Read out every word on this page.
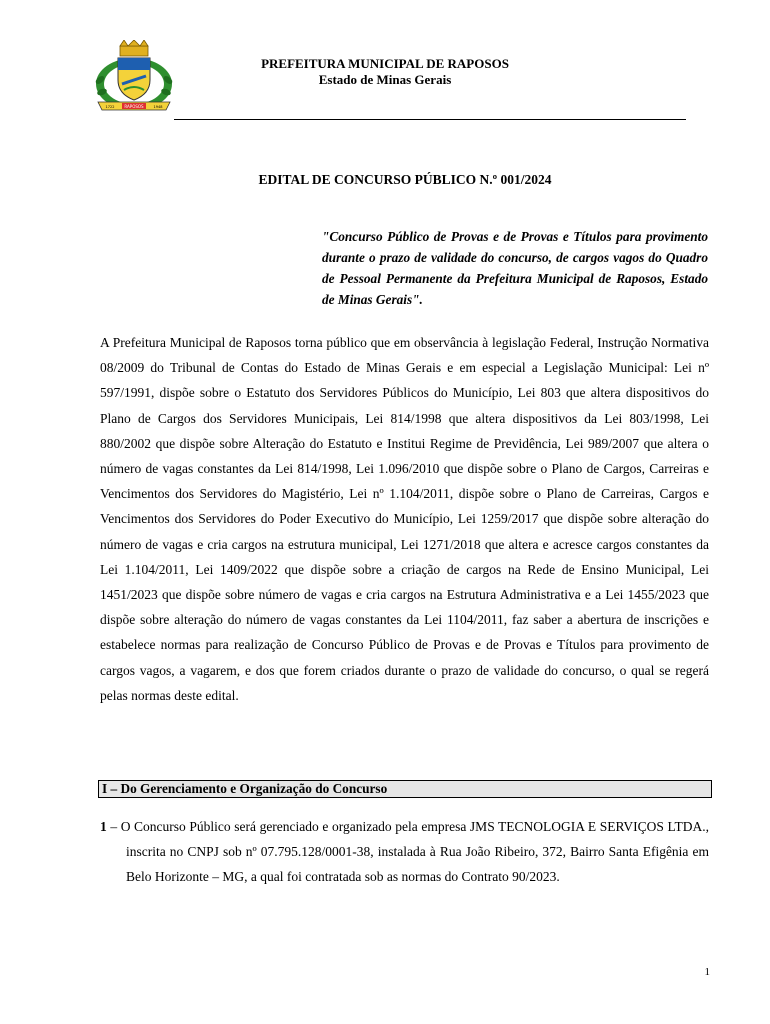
RAPOSOS
1722	1948
PREFEITURA MUNICIPAL DE RAPOSOS
Estado de Minas Gerais
EDITAL DE CONCURSO PÚBLICO N.º 001/2024
"Concurso Público de Provas e de Provas e Títulos para provimento durante o prazo de validade do concurso, de cargos vagos do Quadro de Pessoal Permanente da Prefeitura Municipal de Raposos, Estado de Minas Gerais".
A Prefeitura Municipal de Raposos torna público que em observância à legislação Federal, Instrução Normativa 08/2009 do Tribunal de Contas do Estado de Minas Gerais e em especial a Legislação Municipal: Lei nº 597/1991, dispõe sobre o Estatuto dos Servidores Públicos do Município, Lei 803 que altera dispositivos do Plano de Cargos dos Servidores Municipais, Lei 814/1998 que altera dispositivos da Lei 803/1998, Lei 880/2002 que dispõe sobre Alteração do Estatuto e Institui Regime de Previdência, Lei 989/2007 que altera o número de vagas constantes da Lei 814/1998, Lei 1.096/2010 que dispõe sobre o Plano de Cargos, Carreiras e Vencimentos dos Servidores do Magistério, Lei nº 1.104/2011, dispõe sobre o Plano de Carreiras, Cargos e Vencimentos dos Servidores do Poder Executivo do Município, Lei 1259/2017 que dispõe sobre alteração do número de vagas e cria cargos na estrutura municipal, Lei 1271/2018 que altera e acresce cargos constantes da Lei 1.104/2011, Lei 1409/2022 que dispõe sobre a criação de cargos na Rede de Ensino Municipal, Lei 1451/2023 que dispõe sobre número de vagas e cria cargos na Estrutura Administrativa e a Lei 1455/2023 que dispõe sobre alteração do número de vagas constantes da Lei 1104/2011, faz saber a abertura de inscrições e estabelece normas para realização de Concurso Público de Provas e de Provas e Títulos para provimento de cargos vagos, a vagarem, e dos que forem criados durante o prazo de validade do concurso, o qual se regerá pelas normas deste edital.
I – Do Gerenciamento e Organização do Concurso
1 – O Concurso Público será gerenciado e organizado pela empresa JMS TECNOLOGIA E SERVIÇOS LTDA., inscrita no CNPJ sob nº 07.795.128/0001-38, instalada à Rua João Ribeiro, 372, Bairro Santa Efigênia em Belo Horizonte – MG, a qual foi contratada sob as normas do Contrato 90/2023.
1
